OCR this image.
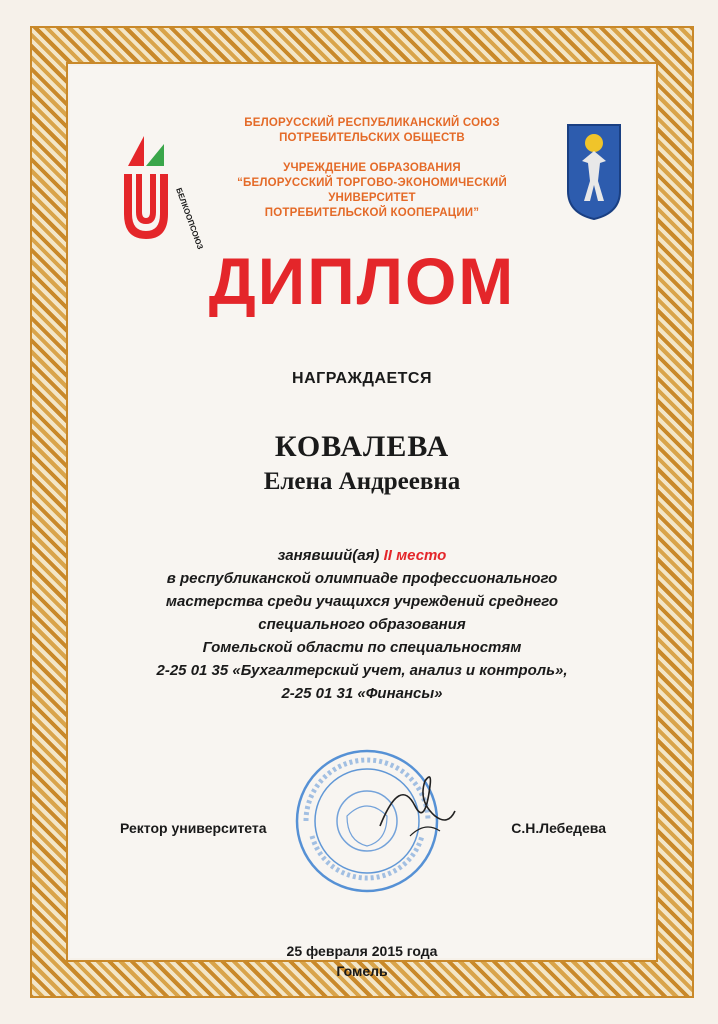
БЕЛКООПСОЮЗ
БЕЛОРУССКИЙ РЕСПУБЛИКАНСКИЙ СОЮЗ
ПОТРЕБИТЕЛЬСКИХ ОБЩЕСТВ
УЧРЕЖДЕНИЕ ОБРАЗОВАНИЯ
“БЕЛОРУССКИЙ ТОРГОВО-ЭКОНОМИЧЕСКИЙ УНИВЕРСИТЕТ
ПОТРЕБИТЕЛЬСКОЙ КООПЕРАЦИИ”
ДИПЛОМ
НАГРАЖДАЕТСЯ
КОВАЛЕВА
Елена Андреевна
занявший(ая) II место
в республиканской олимпиаде профессионального
мастерства среди учащихся учреждений среднего
специального образования
Гомельской области по специальностям
2-25 01 35 «Бухгалтерский учет, анализ и контроль»,
2-25 01 31 «Финансы»
Ректор университета	С.Н.Лебедева
25 февраля 2015 года
Гомель
